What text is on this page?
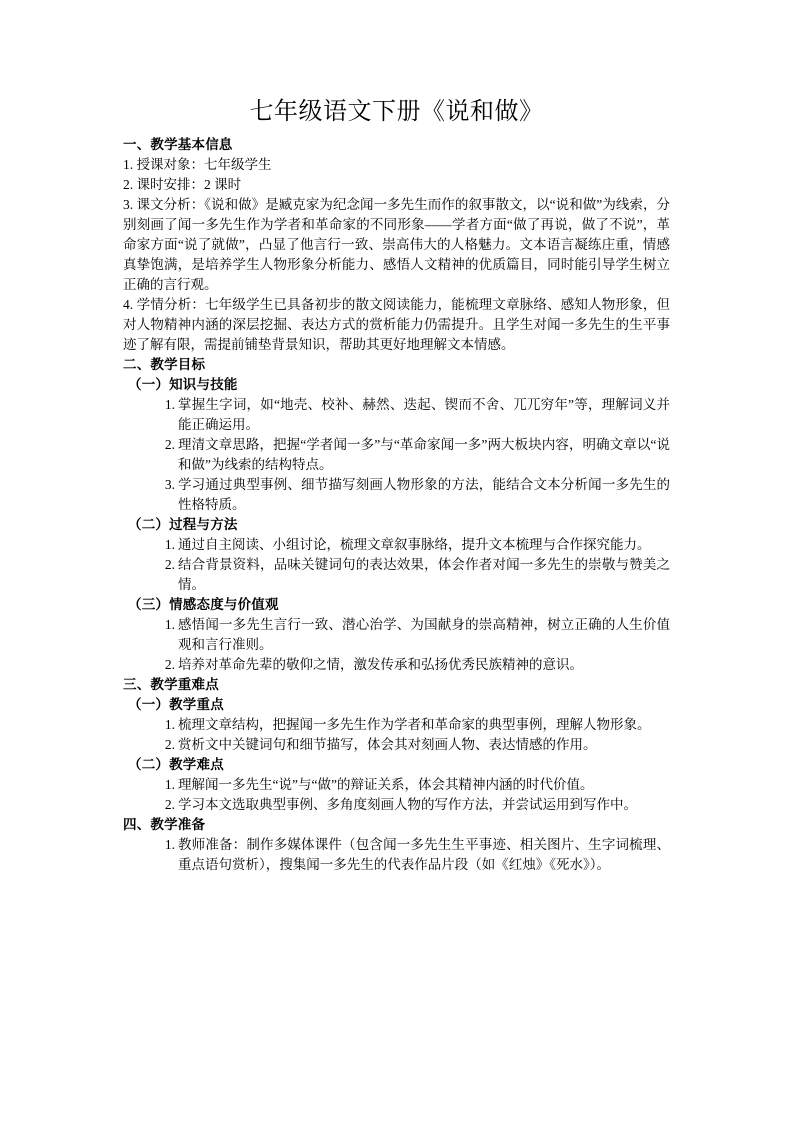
七年级语文下册《说和做》
一、教学基本信息
1. 授课对象：七年级学生
2. 课时安排：2 课时
3. 课文分析：《说和做》是臧克家为纪念闻一多先生而作的叙事散文，以“说和做”为线索，分别刻画了闻一多先生作为学者和革命家的不同形象——学者方面“做了再说，做了不说”，革命家方面“说了就做”，凸显了他言行一致、崇高伟大的人格魅力。文本语言凝练庄重，情感真挚饱满，是培养学生人物形象分析能力、感悟人文精神的优质篇目，同时能引导学生树立正确的言行观。
4. 学情分析：七年级学生已具备初步的散文阅读能力，能梳理文章脉络、感知人物形象，但对人物精神内涵的深层挖掘、表达方式的赏析能力仍需提升。且学生对闻一多先生的生平事迹了解有限，需提前铺垫背景知识，帮助其更好地理解文本情感。
二、教学目标
（一）知识与技能
1. 掌握生字词，如“地壳、校补、赫然、迭起、锲而不舍、兀兀穷年”等，理解词义并能正确运用。
2. 理清文章思路，把握“学者闻一多”与“革命家闻一多”两大板块内容，明确文章以“说和做”为线索的结构特点。
3. 学习通过典型事例、细节描写刻画人物形象的方法，能结合文本分析闻一多先生的性格特质。
（二）过程与方法
1. 通过自主阅读、小组讨论，梳理文章叙事脉络，提升文本梳理与合作探究能力。
2. 结合背景资料，品味关键词句的表达效果，体会作者对闻一多先生的崇敬与赞美之情。
（三）情感态度与价值观
1. 感悟闻一多先生言行一致、潜心治学、为国献身的崇高精神，树立正确的人生价值观和言行准则。
2. 培养对革命先辈的敬仰之情，激发传承和弘扬优秀民族精神的意识。
三、教学重难点
（一）教学重点
1. 梳理文章结构，把握闻一多先生作为学者和革命家的典型事例，理解人物形象。
2. 赏析文中关键词句和细节描写，体会其对刻画人物、表达情感的作用。
（二）教学难点
1. 理解闻一多先生“说”与“做”的辩证关系，体会其精神内涵的时代价值。
2. 学习本文选取典型事例、多角度刻画人物的写作方法，并尝试运用到写作中。
四、教学准备
1. 教师准备：制作多媒体课件（包含闻一多先生生平事迹、相关图片、生字词梳理、重点语句赏析），搜集闻一多先生的代表作品片段（如《红烛》《死水》）。
